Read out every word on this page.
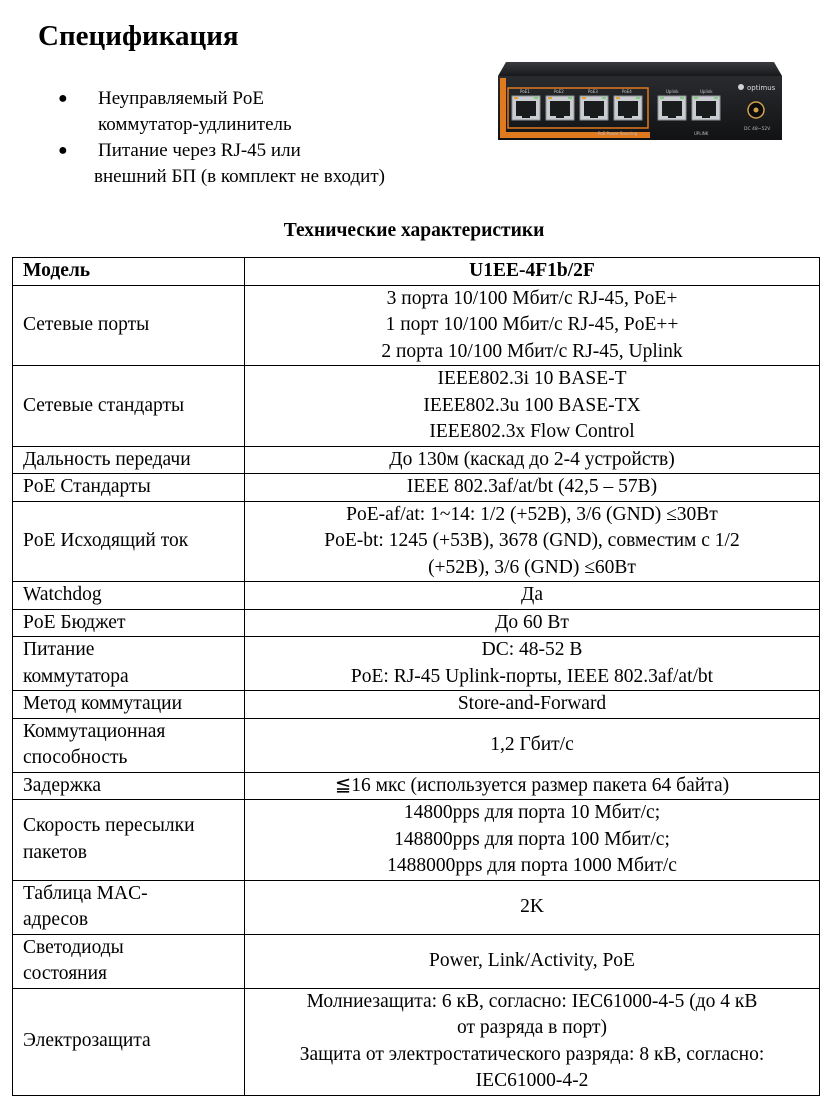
Спецификация
● Неуправляемый PoE
коммутатор-удлинитель
● Питание через RJ-45 или
внешний БП (в комплект не входит)
PoE1	PoE2	PoE3	PoE4	Uplink	Uplink	optimus
DC 48~52V
PoE Power Sourcing	UPLINK
Технические характеристики
Модель	U1EE-4F1b/2F

Сетевые порты	3 порта 10/100 Мбит/с RJ-45, PoE+
1 порт 10/100 Мбит/с RJ-45, PoE++
2 порта 10/100 Мбит/с RJ-45, Uplink

Сетевые стандарты	IEEE802.3i 10 BASE-T
IEEE802.3u 100 BASE-TX
IEEE802.3x Flow Control

Дальность передачи	До 130м (каскад до 2-4 устройств)

PoE Стандарты	IEEE 802.3af/at/bt (42,5 – 57B)

PoE Исходящий ток	PoE-af/at: 1~14: 1/2 (+52B), 3/6 (GND) ≤30Вт
PoE-bt: 1245 (+53B), 3678 (GND), совместим с 1/2
(+52B), 3/6 (GND) ≤60Вт

Watchdog	Да

PoE Бюджет	До 60 Вт

Питание
коммутатора	DC: 48-52 В
PoE: RJ-45 Uplink-порты, IEEE 802.3af/at/bt

Метод коммутации	Store-and-Forward

Коммутационная
способность	1,2 Гбит/с

Задержка	≦16 мкс (используется размер пакета 64 байта)

Скорость пересылки
пакетов	14800pps для порта 10 Мбит/с;
148800pps для порта 100 Мбит/с;
1488000pps для порта 1000 Мбит/с

Таблица MAC-
адресов	2K

Светодиоды
состояния	Power, Link/Activity, PoE

Электрозащита	Молниезащита: 6 кВ, согласно: IEC61000-4-5 (до 4 кВ
от разряда в порт)
Защита от электростатического разряда: 8 кВ, согласно:
IEC61000-4-2
